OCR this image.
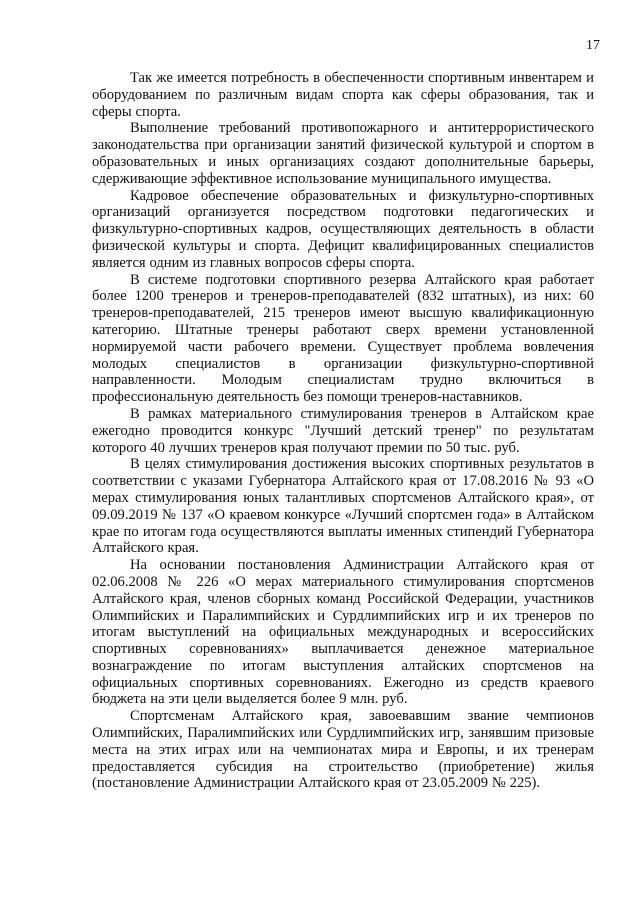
17

Так же имеется потребность в обеспеченности спортивным инвентарем и оборудованием по различным видам спорта как сферы образования, так и сферы спорта.

Выполнение требований противопожарного и антитеррористического законодательства при организации занятий физической культурой и спортом в образовательных и иных организациях создают дополнительные барьеры, сдерживающие эффективное использование муниципального имущества.

Кадровое обеспечение образовательных и физкультурно-спортивных организаций организуется посредством подготовки педагогических и физкультурно-спортивных кадров, осуществляющих деятельность в области физической культуры и спорта. Дефицит квалифицированных специалистов является одним из главных вопросов сферы спорта.

В системе подготовки спортивного резерва Алтайского края работает более 1200 тренеров и тренеров-преподавателей (832 штатных), из них: 60 тренеров-преподавателей, 215 тренеров имеют высшую квалификационную категорию. Штатные тренеры работают сверх времени установленной нормируемой части рабочего времени. Существует проблема вовлечения молодых специалистов в организации физкультурно-спортивной направленности. Молодым специалистам трудно включиться в профессиональную деятельность без помощи тренеров-наставников.

В рамках материального стимулирования тренеров в Алтайском крае ежегодно проводится конкурс "Лучший детский тренер" по результатам которого 40 лучших тренеров края получают премии по 50 тыс. руб.

В целях стимулирования достижения высоких спортивных результатов в соответствии с указами Губернатора Алтайского края от 17.08.2016 № 93 «О мерах стимулирования юных талантливых спортсменов Алтайского края», от 09.09.2019 № 137 «О краевом конкурсе «Лучший спортсмен года» в Алтайском крае по итогам года осуществляются выплаты именных стипендий Губернатора Алтайского края.

На основании постановления Администрации Алтайского края от 02.06.2008 № 226 «О мерах материального стимулирования спортсменов Алтайского края, членов сборных команд Российской Федерации, участников Олимпийских и Паралимпийских и Сурдлимпийских игр и их тренеров по итогам выступлений на официальных международных и всероссийских спортивных соревнованиях» выплачивается денежное материальное вознаграждение по итогам выступления алтайских спортсменов на официальных спортивных соревнованиях. Ежегодно из средств краевого бюджета на эти цели выделяется более 9 млн. руб.

Спортсменам Алтайского края, завоевавшим звание чемпионов Олимпийских, Паралимпийских или Сурдлимпийских игр, занявшим призовые места на этих играх или на чемпионатах мира и Европы, и их тренерам предоставляется субсидия на строительство (приобретение) жилья (постановление Администрации Алтайского края от 23.05.2009 № 225).
